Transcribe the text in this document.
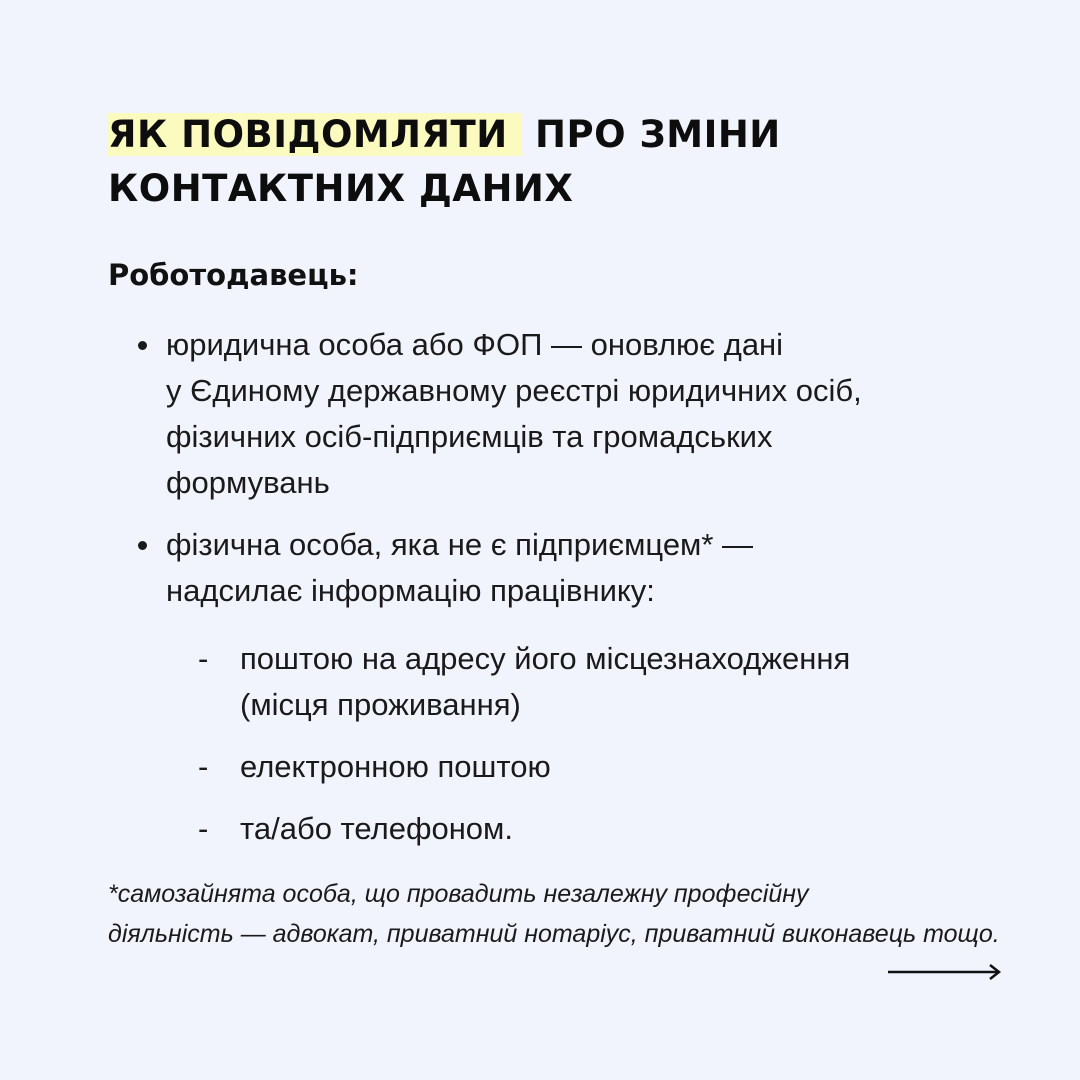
ЯК ПОВІДОМЛЯТИ ПРО ЗМІНИ
КОНТАКТНИХ ДАНИХ
Роботодавець:
юридична особа або ФОП — оновлює дані
у Єдиному державному реєстрі юридичних осіб,
фізичних осіб-підприємців та громадських
формувань
фізична особа, яка не є підприємцем* —
надсилає інформацію працівнику:
- поштою на адресу його місцезнаходження
(місця проживання)
- електронною поштою
- та/або телефоном.

*самозайнята особа, що провадить незалежну професійну
діяльність — адвокат, приватний нотаріус, приватний виконавець тощо.
